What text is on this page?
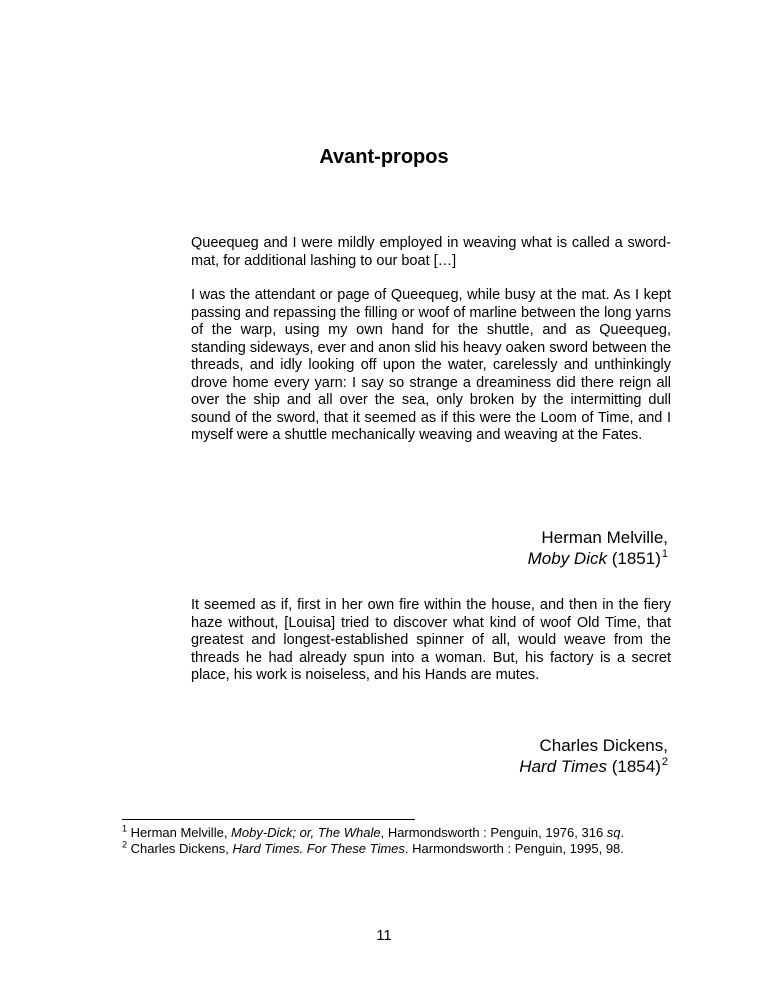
Avant-propos

Queequeg and I were mildly employed in weaving what is called a sword-mat, for additional lashing to our boat […]

I was the attendant or page of Queequeg, while busy at the mat. As I kept passing and repassing the filling or woof of marline between the long yarns of the warp, using my own hand for the shuttle, and as Queequeg, standing sideways, ever and anon slid his heavy oaken sword between the threads, and idly looking off upon the water, carelessly and unthinkingly drove home every yarn: I say so strange a dreaminess did there reign all over the ship and all over the sea, only broken by the intermitting dull sound of the sword, that it seemed as if this were the Loom of Time, and I myself were a shuttle mechanically weaving and weaving at the Fates.

Herman Melville,
Moby Dick (1851)$^1$

It seemed as if, first in her own fire within the house, and then in the fiery haze without, [Louisa] tried to discover what kind of woof Old Time, that greatest and longest-established spinner of all, would weave from the threads he had already spun into a woman. But, his factory is a secret place, his work is noiseless, and his Hands are mutes.

Charles Dickens,
Hard Times (1854)$^2$

$^1$ Herman Melville, Moby-Dick; or, The Whale, Harmondsworth : Penguin, 1976, 316 sq.

$^2$ Charles Dickens, Hard Times. For These Times. Harmondsworth : Penguin, 1995, 98.

11
